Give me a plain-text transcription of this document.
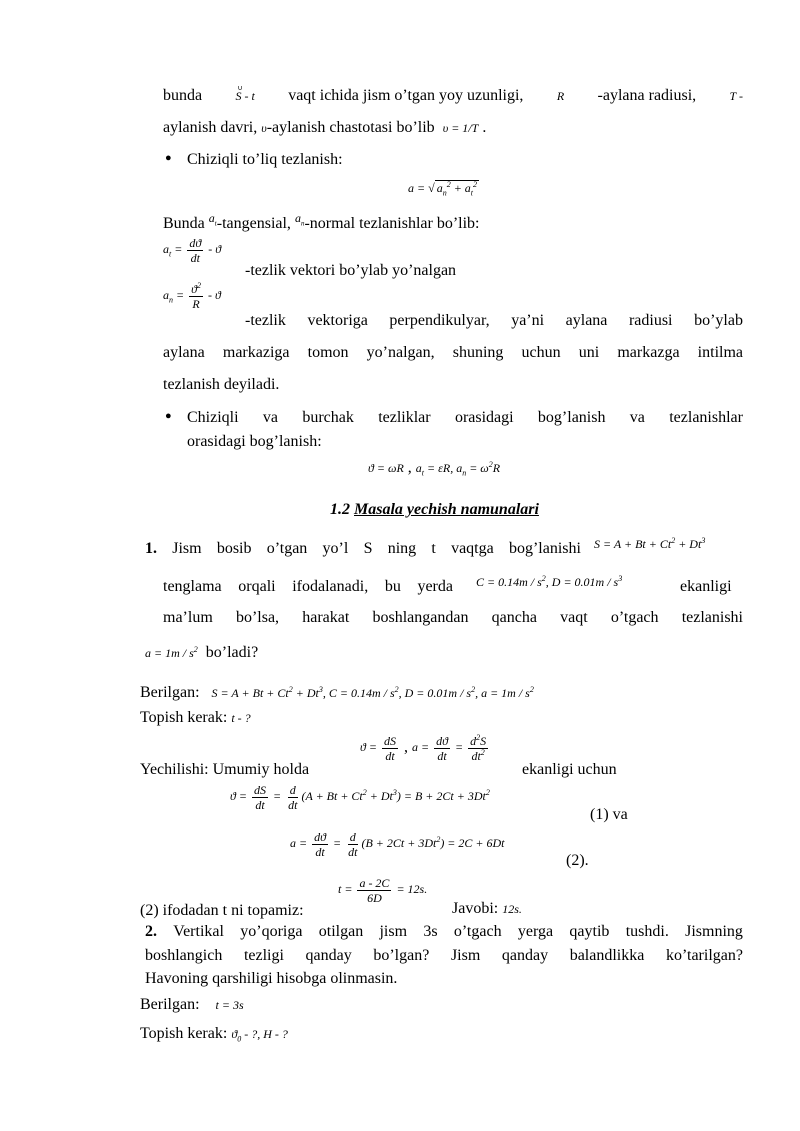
bunda	S
∪
- t vaqt ichida jism o’tgan yoy uzunligi,	R -aylana radiusi,	T -
aylanish davri, υ-aylanish chastotasi bo’lib υ = 1/T .
● Chiziqli to’liq tezlanish:
a = √ $a_n^2 + a_t^2$
Bunda $^{a_t}$-tangensial, $^{a_n}$-normal tezlanishlar bo’lib:
$a_t = \frac{dϑ}{dt} - ϑ$
-tezlik vektori bo’ylab yo’nalgan
$a_n = \frac{ϑ^2}{R} - ϑ$
-tezlik vektoriga perpendikulyar, ya’ni aylana radiusi bo’ylab
aylana markaziga tomon yo’nalgan, shuning uchun uni markazga intilma
tezlanish deyiladi.
● Chiziqli va burchak tezliklar orasidagi bog’lanish va tezlanishlar
orasidagi bog’lanish:
ϑ = ωR , $a_t = \varepsilon R$, $a_n = \omega^2R$
1.2 Masala yechish namunalari
1. Jism bosib o’tgan yo’l S ning t vaqtga bog’lanishi $S = A + Bt + Ct^2 + Dt^3$
tenglama orqali ifodalanadi, bu yerda $C = 0.14m / s^2$, $D = 0.01m / s^3$	ekanligi
ma’lum bo’lsa, harakat boshlangandan qancha vaqt o’tgach tezlanishi
$a = 1m / s^2$ bo’ladi?
Berilgan: $S = A + Bt + Ct^2 + Dt^3$, $C = 0.14m / s^2$, $D = 0.01m / s^2$, $a = 1m / s^2$
Topish kerak: t - ?
Yechilishi: Umumiy holda
$ϑ = \frac{dS}{dt}$ , $a = \frac{dϑ}{dt} = \frac{d^2S}{dt^2}$
ekanligi uchun
$ϑ = \frac{dS}{dt} = \frac{d}{dt} (A + Bt + Ct^2 + Dt^3) = B + 2Ct + 3Dt^2$
(1) va
$a = \frac{dϑ}{dt} = \frac{d}{dt} (B + 2Ct + 3Dt^2) = 2C + 6Dt$
(2).
(2) ifodadan t ni topamiz:
$t = \frac{a - 2C}{6D} = 12s$.
Javobi: 12s.
2. Vertikal yo’qoriga otilgan jism 3s o’tgach yerga qaytib tushdi. Jismning
boshlangich tezligi qanday bo’lgan? Jism qanday balandlikka ko’tarilgan?
Havoning qarshiligi hisobga olinmasin.
Berilgan: t = 3s
Topish kerak: $ϑ_0$ - ?, H - ?
